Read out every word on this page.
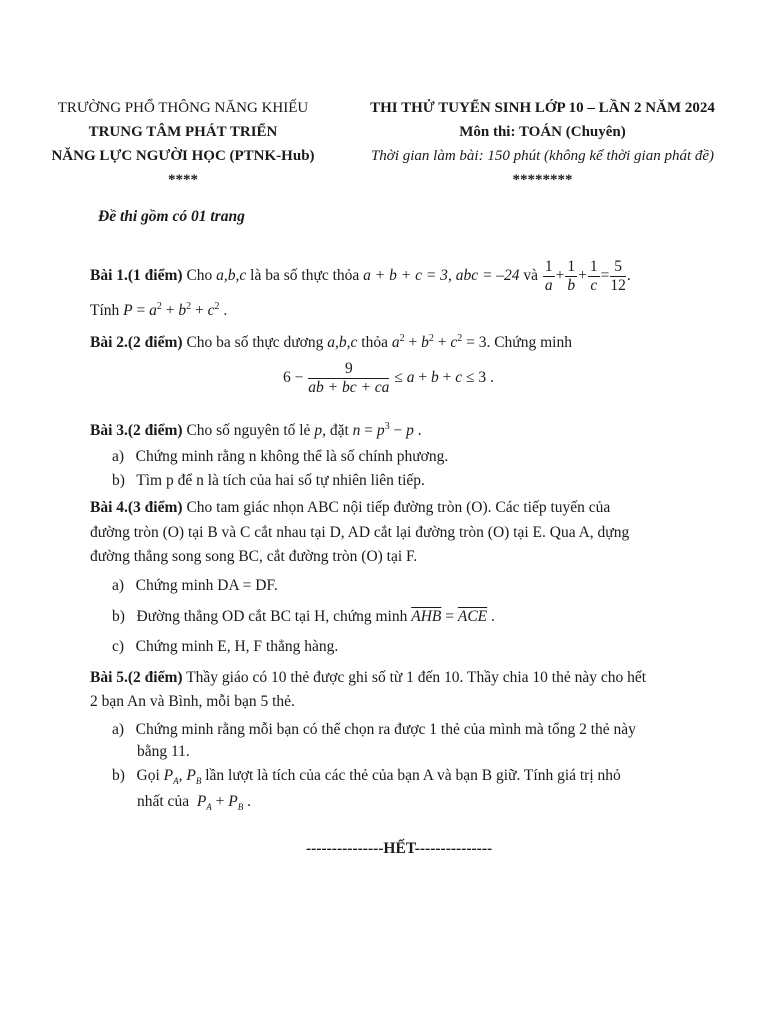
TRƯỜNG PHỔ THÔNG NĂNG KHIẾU
TRUNG TÂM PHÁT TRIỂN
NĂNG LỰC NGƯỜI HỌC (PTNK-Hub)
****
THI THỬ TUYỂN SINH LỚP 10 – LẦN 2 NĂM 2024
Môn thi: TOÁN (Chuyên)
Thời gian làm bài: 150 phút (không kể thời gian phát đề)
********
Đề thi gồm có 01 trang
Bài 1.(1 điểm) Cho a,b,c là ba số thực thỏa a + b + c = 3, abc = –24 và $\frac{1}{a} + \frac{1}{b} + \frac{1}{c} = \frac{5}{12}$ .
Tính $P = a^2 + b^2 + c^2$ .
Bài 2.(2 điểm) Cho ba số thực dương a,b,c thỏa $a^2 + b^2 + c^2 = 3$. Chứng minh
$6 - \frac{9}{ab + bc + ca} \le a + b + c \le 3$ .
Bài 3.(2 điểm) Cho số nguyên tố lẻ p, đặt $n = p^3 - p$ .
a)   Chứng minh rằng n không thể là số chính phương.
b)   Tìm p để n là tích của hai số tự nhiên liên tiếp.
Bài 4.(3 điểm) Cho tam giác nhọn ABC nội tiếp đường tròn (O). Các tiếp tuyến của
đường tròn (O) tại B và C cắt nhau tại D, AD cắt lại đường tròn (O) tại E. Qua A, dựng
đường thẳng song song BC, cắt đường tròn (O) tại F.
a)   Chứng minh DA = DF.
b)   Đường thẳng OD cắt BC tại H, chứng minh $\overline{AHB} = \overline{ACE}$ .
c)   Chứng minh E, H, F thẳng hàng.
Bài 5.(2 điểm) Thầy giáo có 10 thẻ được ghi số từ 1 đến 10. Thầy chia 10 thẻ này cho hết
2 bạn An và Bình, mỗi bạn 5 thẻ.
a)   Chứng minh rằng mỗi bạn có thể chọn ra được 1 thẻ của mình mà tổng 2 thẻ này
bằng 11.
b)   Gọi $P_A$, $P_B$ lần lượt là tích của các thẻ của bạn A và bạn B giữ. Tính giá trị nhỏ
nhất của $P_A + P_B$ .
---------------HẾT---------------
